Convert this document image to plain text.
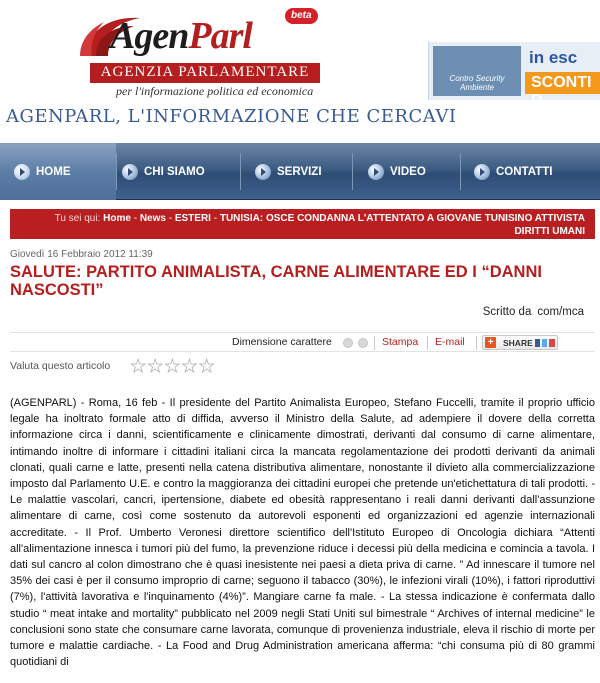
AgenParl	beta
AGENZIA PARLAMENTARE
per l'informazione politica ed economica
AGENPARL, L'INFORMAZIONE CHE CERCAVI
Contro Security Ambiente
in esc
SCONTI D
HOME	CHI SIAMO	SERVIZI	VIDEO	CONTATTI
Tu sei qui: Home - News - ESTERI - TUNISIA: OSCE CONDANNA L'ATTENTATO A GIOVANE TUNISINO ATTIVISTA DIRITTI UMANI
Giovedì 16 Febbraio 2012 11:39
SALUTE: PARTITO ANIMALISTA, CARNE ALIMENTARE ED I “DANNI NASCOSTI”
Scritto da com/mca
Dimensione carattere	Stampa E-mail +	SHARE
Valuta questo articolo ★★★★★

(AGENPARL) - Roma, 16 feb - Il presidente del Partito Animalista Europeo, Stefano Fuccelli, tramite il proprio ufficio legale ha inoltrato formale atto di diffida, avverso il Ministro della Salute, ad adempiere il dovere della corretta informazione circa i danni, scientificamente e clinicamente dimostrati, derivanti dal consumo di carne alimentare, intimando inoltre di informare i cittadini italiani circa la mancata regolamentazione dei prodotti derivanti da animali clonati, quali carne e latte, presenti nella catena distributiva alimentare, nonostante il divieto alla commercializzazione imposto dal Parlamento U.E. e contro la maggioranza dei cittadini europei che pretende un'etichettatura di tali prodotti. - Le malattie vascolari, cancri, ipertensione, diabete ed obesità rappresentano i reali danni derivanti dall'assunzione alimentare di carne, così come sostenuto da autorevoli esponenti ed organizzazioni ed agenzie internazionali accreditate. - Il Prof. Umberto Veronesi direttore scientifico dell'Istituto Europeo di Oncologia dichiara “Attenti all'alimentazione innesca i tumori più del fumo, la prevenzione riduce i decessi più della medicina e comincia a tavola. I dati sul cancro al colon dimostrano che è quasi inesistente nei paesi a dieta priva di carne. ” Ad innescare il tumore nel 35% dei casi è per il consumo improprio di carne; seguono il tabacco (30%), le infezioni virali (10%), i fattori riproduttivi (7%), l'attività lavorativa e l'inquinamento (4%)”. Mangiare carne fa male. - La stessa indicazione è confermata dallo studio “ meat intake and mortality” pubblicato nel 2009 negli Stati Uniti sul bimestrale “ Archives of internal medicine” le conclusioni sono state che consumare carne lavorata, comunque di provenienza industriale, eleva il rischio di morte per tumore e malattie cardiache. - La Food and Drug Administration americana afferma: “chi consuma più di 80 grammi quotidiani di
